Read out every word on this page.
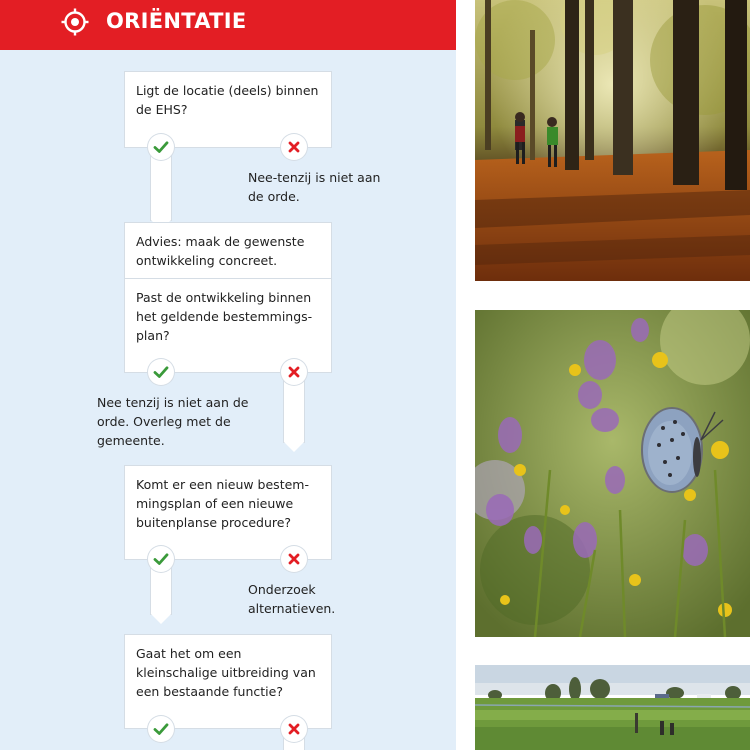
ORIËNTATIE
Ligt de locatie (deels) binnen de EHS?
Advies: maak de gewenste ontwikkeling concreet.
Past de ontwikkeling binnen het geldende bestemmings-plan?
Komt er een nieuw bestem-mingsplan of een nieuwe buitenplanse procedure?
Gaat het om een kleinschalige uitbreiding van een bestaande functie?
Nee-tenzij is niet aan de orde.
Nee tenzij is niet aan de orde. Overleg met de gemeente.
Onderzoek alternatieven.
